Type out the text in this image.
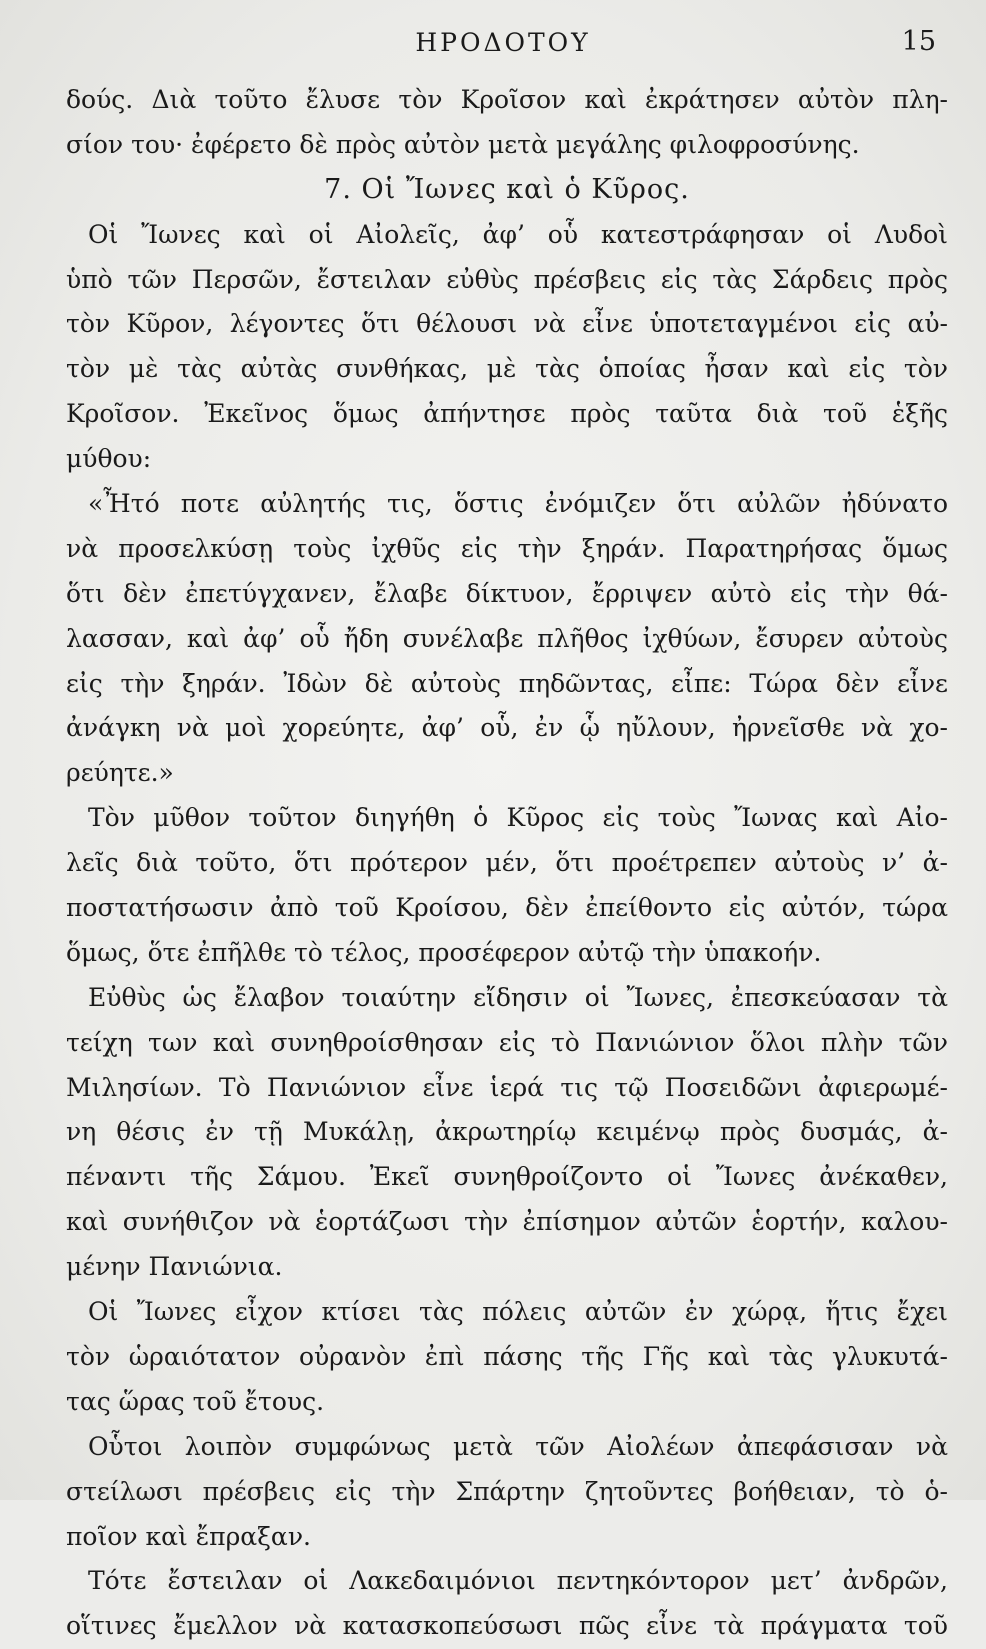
ΗΡΟΔΟΤΟΥ	15
δούς. Διὰ τοῦτο ἔλυσε τὸν Κροῖσον καὶ ἐκράτησεν αὐτὸν πλη-
σίον του· ἐφέρετο δὲ πρὸς αὐτὸν μετὰ μεγάλης φιλοφροσύνης.
7. Οἱ Ἴωνες καὶ ὁ Κῦρος.
Οἱ Ἴωνες καὶ οἱ Αἰολεῖς, ἀφ’ οὗ κατεστράφησαν οἱ Λυδοὶ
ὑπὸ τῶν Περσῶν, ἔστειλαν εὐθὺς πρέσβεις εἰς τὰς Σάρδεις πρὸς
τὸν Κῦρον, λέγοντες ὅτι θέλουσι νὰ εἶνε ὑποτεταγμένοι εἰς αὐ-
τὸν μὲ τὰς αὐτὰς συνθήκας, μὲ τὰς ὁποίας ἦσαν καὶ εἰς τὸν
Κροῖσον. Ἐκεῖνος ὅμως ἀπήντησε πρὸς ταῦτα διὰ τοῦ ἑξῆς
μύθου:
«Ἦτό ποτε αὐλητής τις, ὅστις ἐνόμιζεν ὅτι αὐλῶν ἠδύνατο
νὰ προσελκύσῃ τοὺς ἰχθῦς εἰς τὴν ξηράν. Παρατηρήσας ὅμως
ὅτι δὲν ἐπετύγχανεν, ἔλαβε δίκτυον, ἔρριψεν αὐτὸ εἰς τὴν θά-
λασσαν, καὶ ἀφ’ οὗ ἤδη συνέλαβε πλῆθος ἰχθύων, ἔσυρεν αὐτοὺς
εἰς τὴν ξηράν. Ἰδὼν δὲ αὐτοὺς πηδῶντας, εἶπε: Τώρα δὲν εἶνε
ἀνάγκη νὰ μοὶ χορεύητε, ἀφ’ οὗ, ἐν ᾧ ηὔλουν, ἠρνεῖσθε νὰ χο-
ρεύητε.»
Τὸν μῦθον τοῦτον διηγήθη ὁ Κῦρος εἰς τοὺς Ἴωνας καὶ Αἰο-
λεῖς διὰ τοῦτο, ὅτι πρότερον μέν, ὅτι προέτρεπεν αὐτοὺς ν’ ἀ-
ποστατήσωσιν ἀπὸ τοῦ Κροίσου, δὲν ἐπείθοντο εἰς αὐτόν, τώρα
ὅμως, ὅτε ἐπῆλθε τὸ τέλος, προσέφερον αὐτῷ τὴν ὑπακοήν.
Εὐθὺς ὡς ἔλαβον τοιαύτην εἴδησιν οἱ Ἴωνες, ἐπεσκεύασαν τὰ
τείχη των καὶ συνηθροίσθησαν εἰς τὸ Πανιώνιον ὅλοι πλὴν τῶν
Μιλησίων. Τὸ Πανιώνιον εἶνε ἱερά τις τῷ Ποσειδῶνι ἀφιερωμέ-
νη θέσις ἐν τῇ Μυκάλῃ, ἀκρωτηρίῳ κειμένῳ πρὸς δυσμάς, ἀ-
πέναντι τῆς Σάμου. Ἐκεῖ συνηθροίζοντο οἱ Ἴωνες ἀνέκαθεν,
καὶ συνήθιζον νὰ ἑορτάζωσι τὴν ἐπίσημον αὐτῶν ἑορτήν, καλου-
μένην Πανιώνια.
Οἱ Ἴωνες εἶχον κτίσει τὰς πόλεις αὐτῶν ἐν χώρᾳ, ἥτις ἔχει
τὸν ὡραιότατον οὐρανὸν ἐπὶ πάσης τῆς Γῆς καὶ τὰς γλυκυτά-
τας ὥρας τοῦ ἔτους.
Οὗτοι λοιπὸν συμφώνως μετὰ τῶν Αἰολέων ἀπεφάσισαν νὰ
στείλωσι πρέσβεις εἰς τὴν Σπάρτην ζητοῦντες βοήθειαν, τὸ ὁ-
ποῖον καὶ ἔπραξαν.
Τότε ἔστειλαν οἱ Λακεδαιμόνιοι πεντηκόντορον μετ’ ἀνδρῶν,
οἵτινες ἔμελλον νὰ κατασκοπεύσωσι πῶς εἶνε τὰ πράγματα τοῦ
